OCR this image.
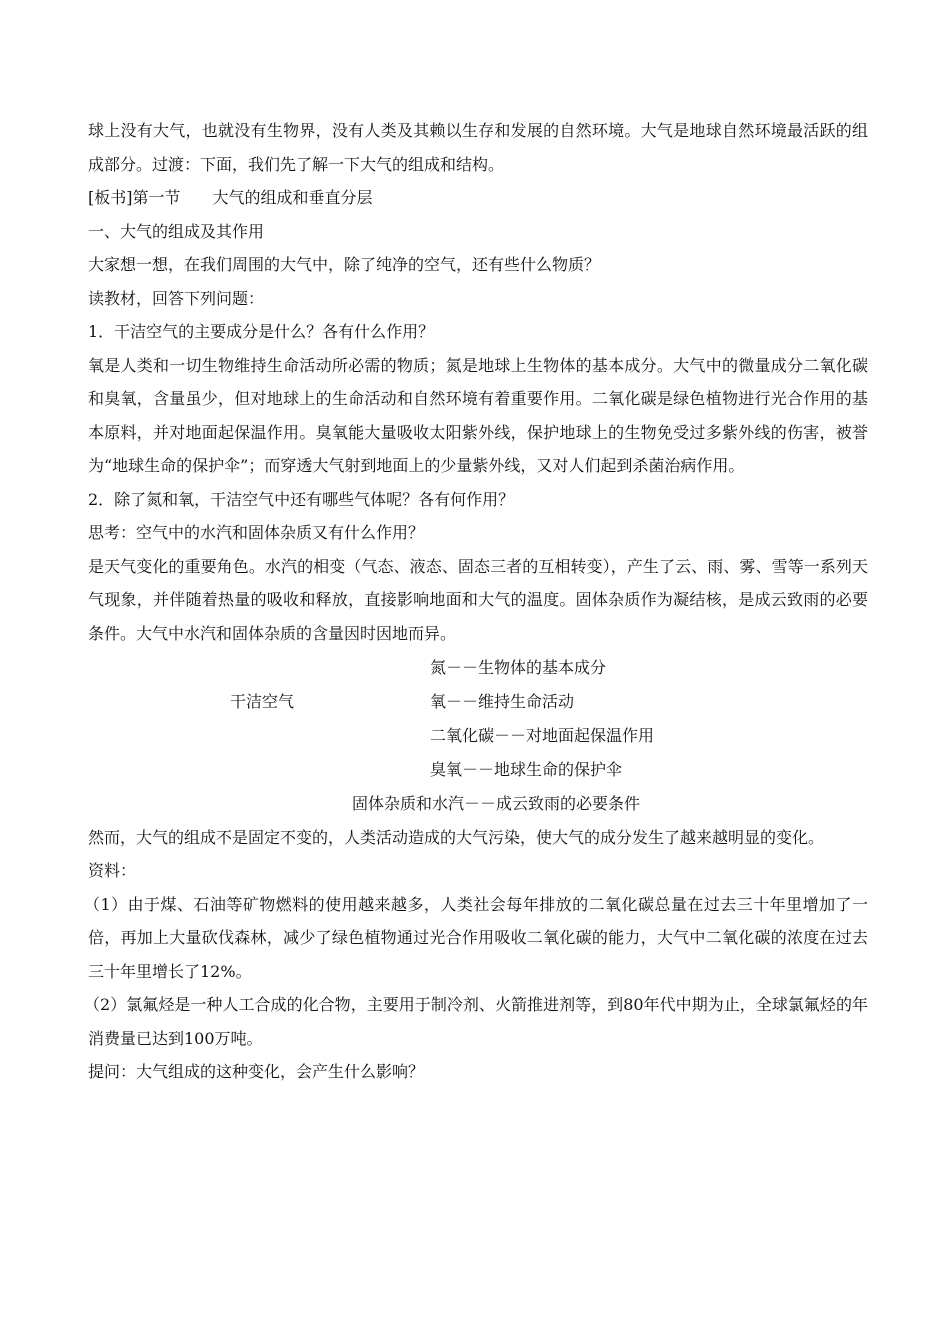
球上没有大气，也就没有生物界，没有人类及其赖以生存和发展的自然环境。大气是地球自然环境最活跃的组成部分。过渡：下面，我们先了解一下大气的组成和结构。

[板书]第一节　　大气的组成和垂直分层

一、大气的组成及其作用

大家想一想，在我们周围的大气中，除了纯净的空气，还有些什么物质？

读教材，回答下列问题：

1．干洁空气的主要成分是什么？各有什么作用？

氧是人类和一切生物维持生命活动所必需的物质；氮是地球上生物体的基本成分。大气中的微量成分二氧化碳和臭氧，含量虽少，但对地球上的生命活动和自然环境有着重要作用。二氧化碳是绿色植物进行光合作用的基本原料，并对地面起保温作用。臭氧能大量吸收太阳紫外线，保护地球上的生物免受过多紫外线的伤害，被誉为“地球生命的保护伞”；而穿透大气射到地面上的少量紫外线，又对人们起到杀菌治病作用。

2．除了氮和氧，干洁空气中还有哪些气体呢？各有何作用？

思考：空气中的水汽和固体杂质又有什么作用？

是天气变化的重要角色。水汽的相变（气态、液态、固态三者的互相转变），产生了云、雨、雾、雪等一系列天气现象，并伴随着热量的吸收和释放，直接影响地面和大气的温度。固体杂质作为凝结核，是成云致雨的必要条件。大气中水汽和固体杂质的含量因时因地而异。

干洁空气
氮－－生物体的基本成分
氧－－维持生命活动
二氧化碳－－对地面起保温作用
臭氧－－地球生命的保护伞

固体杂质和水汽－－成云致雨的必要条件

然而，大气的组成不是固定不变的，人类活动造成的大气污染，使大气的成分发生了越来越明显的变化。

资料：

（1）由于煤、石油等矿物燃料的使用越来越多，人类社会每年排放的二氧化碳总量在过去三十年里增加了一倍，再加上大量砍伐森林，减少了绿色植物通过光合作用吸收二氧化碳的能力，大气中二氧化碳的浓度在过去三十年里增长了12%。

（2）氯氟烃是一种人工合成的化合物，主要用于制冷剂、火箭推进剂等，到80年代中期为止，全球氯氟烃的年消费量已达到100万吨。

提问：大气组成的这种变化，会产生什么影响？
